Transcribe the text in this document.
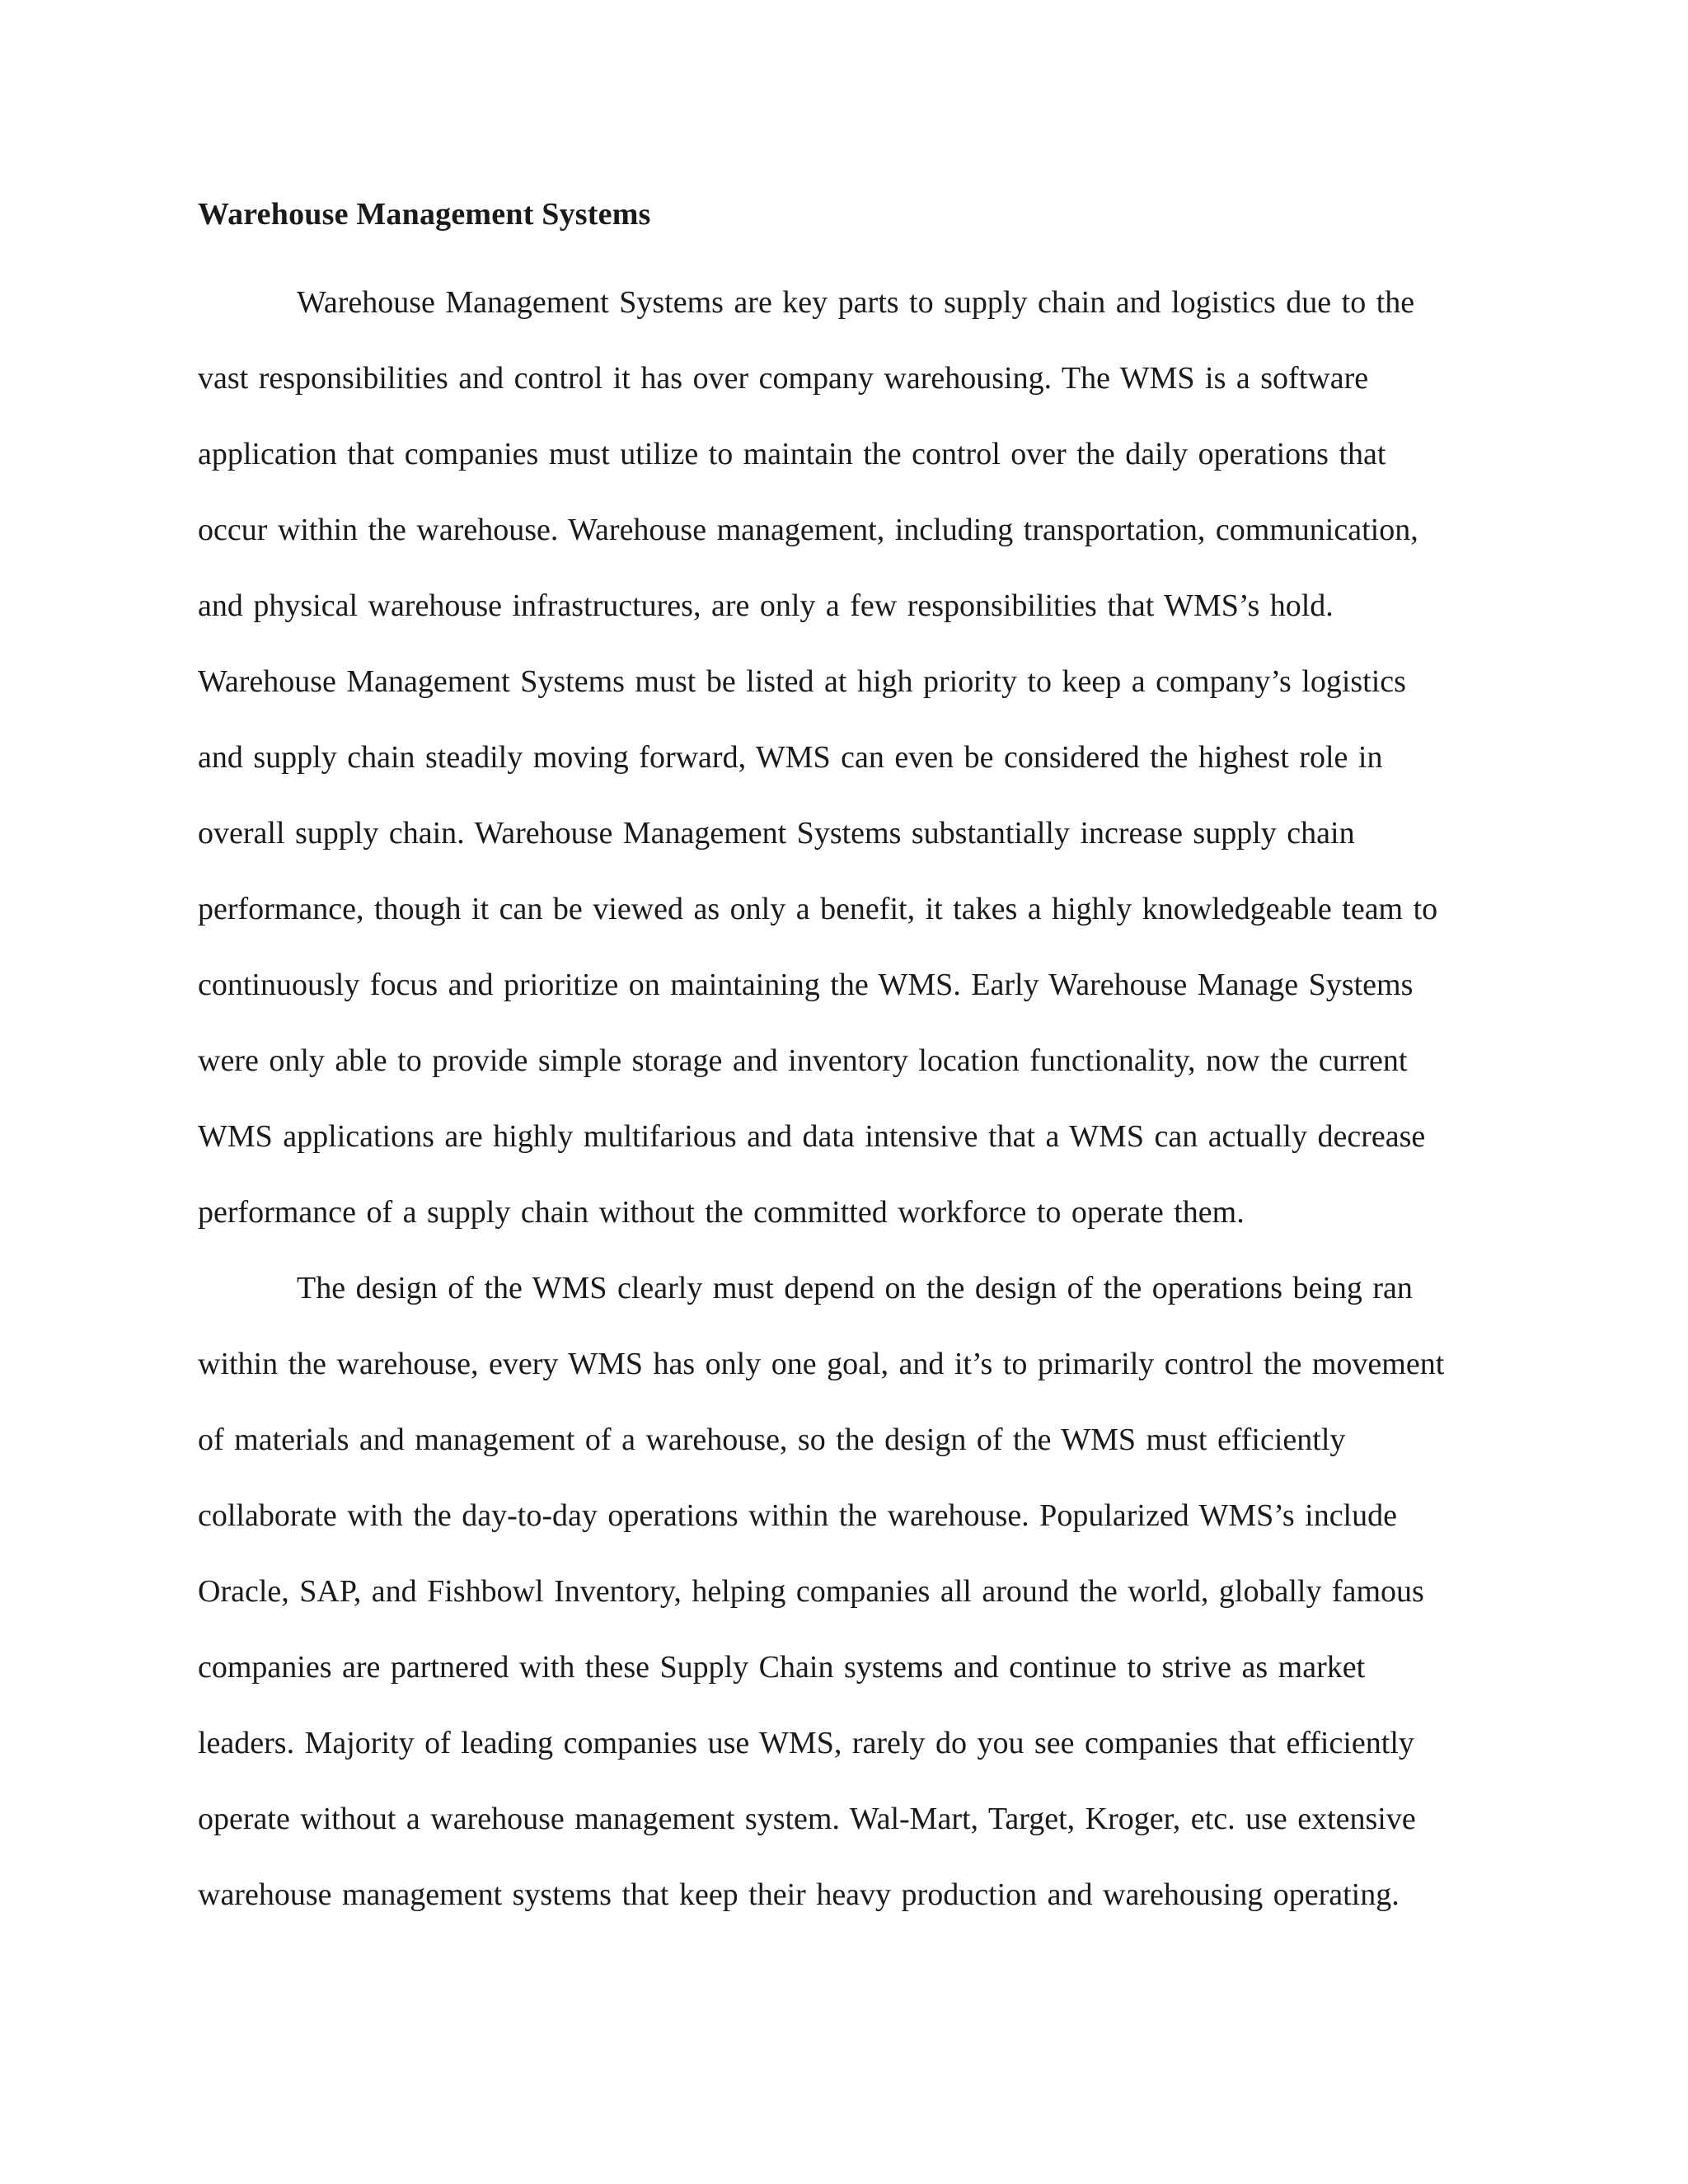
Warehouse Management Systems
Warehouse Management Systems are key parts to supply chain and logistics due to the
vast responsibilities and control it has over company warehousing. The WMS is a software
application that companies must utilize to maintain the control over the daily operations that
occur within the warehouse. Warehouse management, including transportation, communication,
and physical warehouse infrastructures, are only a few responsibilities that WMS’s hold.
Warehouse Management Systems must be listed at high priority to keep a company’s logistics
and supply chain steadily moving forward, WMS can even be considered the highest role in
overall supply chain. Warehouse Management Systems substantially increase supply chain
performance, though it can be viewed as only a benefit, it takes a highly knowledgeable team to
continuously focus and prioritize on maintaining the WMS. Early Warehouse Manage Systems
were only able to provide simple storage and inventory location functionality, now the current
WMS applications are highly multifarious and data intensive that a WMS can actually decrease
performance of a supply chain without the committed workforce to operate them.
The design of the WMS clearly must depend on the design of the operations being ran
within the warehouse, every WMS has only one goal, and it’s to primarily control the movement
of materials and management of a warehouse, so the design of the WMS must efficiently
collaborate with the day-to-day operations within the warehouse. Popularized WMS’s include
Oracle, SAP, and Fishbowl Inventory, helping companies all around the world, globally famous
companies are partnered with these Supply Chain systems and continue to strive as market
leaders. Majority of leading companies use WMS, rarely do you see companies that efficiently
operate without a warehouse management system. Wal-Mart, Target, Kroger, etc. use extensive
warehouse management systems that keep their heavy production and warehousing operating.
